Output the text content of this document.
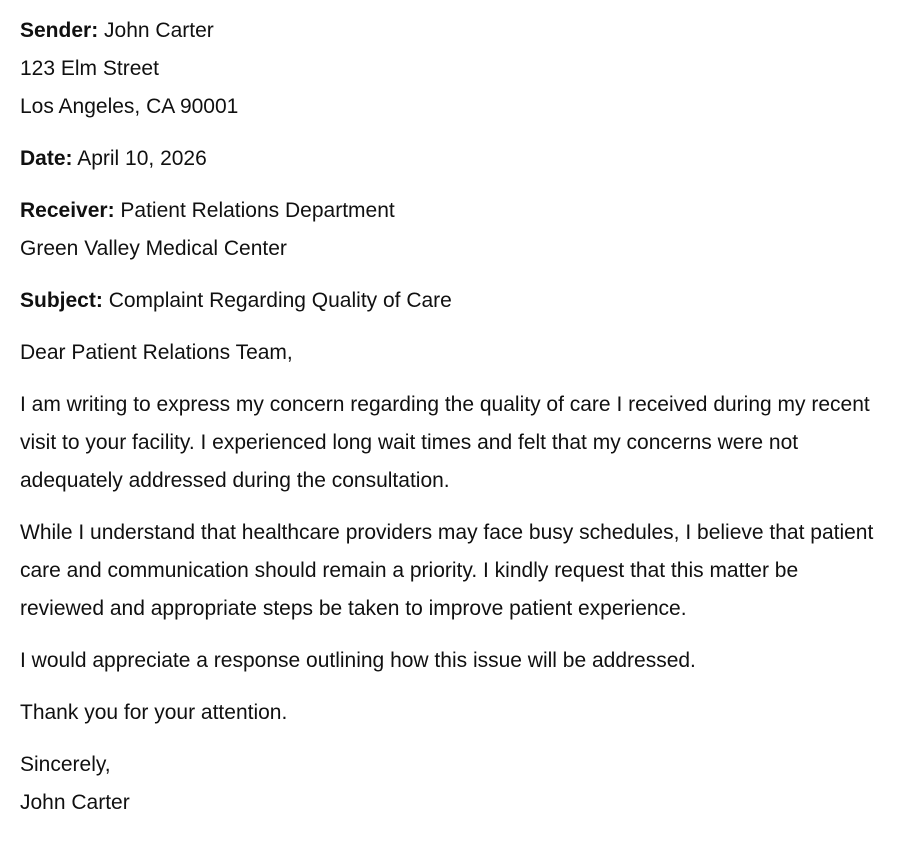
Sender: John Carter
123 Elm Street
Los Angeles, CA 90001
Date: April 10, 2026
Receiver: Patient Relations Department
Green Valley Medical Center
Subject: Complaint Regarding Quality of Care

Dear Patient Relations Team,

I am writing to express my concern regarding the quality of care I received during my recent visit to your facility. I experienced long wait times and felt that my concerns were not adequately addressed during the consultation.

While I understand that healthcare providers may face busy schedules, I believe that patient care and communication should remain a priority. I kindly request that this matter be reviewed and appropriate steps be taken to improve patient experience.

I would appreciate a response outlining how this issue will be addressed.

Thank you for your attention.

Sincerely,
John Carter
